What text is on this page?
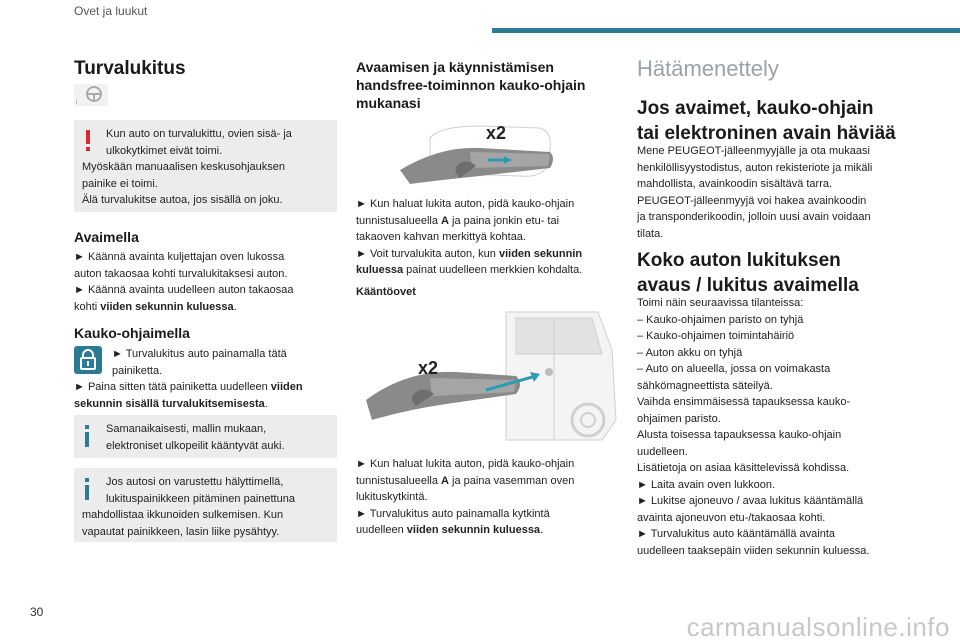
Ovet ja luukut
Turvalukitus
i
Kun auto on turvalukittu, ovien sisä- ja
ulkokytkimet eivät toimi.
Myöskään manuaalisen keskusohjauksen
painike ei toimi.
Älä turvalukitse autoa, jos sisällä on joku.
Avaimella
► Käännä avainta kuljettajan oven lukossa
auton takaosaa kohti turvalukitaksesi auton.
► Käännä avainta uudelleen auton takaosaa
kohti viiden sekunnin kuluessa.
Kauko-ohjaimella
► Turvalukitus auto painamalla tätä
painiketta.
► Paina sitten tätä painiketta uudelleen viiden
sekunnin sisällä turvalukitsemisesta.
Samanaikaisesti, mallin mukaan,
elektroniset ulkopeilit kääntyvät auki.
Jos autosi on varustettu hälyttimellä,
lukituspainikkeen pitäminen painettuna
mahdollistaa ikkunoiden sulkemisen. Kun
vapautat painikkeen, lasin liike pysähtyy.
Avaamisen ja käynnistämisen
handsfree-toiminnon kauko-ohjain
mukanasi
x2
► Kun haluat lukita auton, pidä kauko-ohjain
tunnistusalueella A ja paina jonkin etu- tai
takaoven kahvan merkittyä kohtaa.
► Voit turvalukita auton, kun viiden sekunnin
kuluessa painat uudelleen merkkien kohdalta.
Kääntöovet
x2
► Kun haluat lukita auton, pidä kauko-ohjain
tunnistusalueella A ja paina vasemman oven
lukituskytkintä.
► Turvalukitus auto painamalla kytkintä
uudelleen viiden sekunnin kuluessa.
Hätämenettely
Jos avaimet, kauko-ohjain
tai elektroninen avain häviää
Mene PEUGEOT-jälleenmyyjälle ja ota mukaasi
henkilöllisyystodistus, auton rekisteriote ja mikäli
mahdollista, avainkoodin sisältävä tarra.
PEUGEOT-jälleenmyyjä voi hakea avainkoodin
ja transponderikoodin, jolloin uusi avain voidaan
tilata.
Koko auton lukituksen
avaus / lukitus avaimella
Toimi näin seuraavissa tilanteissa:
– Kauko-ohjaimen paristo on tyhjä
– Kauko-ohjaimen toimintahäiriö
– Auton akku on tyhjä
– Auto on alueella, jossa on voimakasta
sähkömagneettista säteilyä.
Vaihda ensimmäisessä tapauksessa kauko-
ohjaimen paristo.
Alusta toisessa tapauksessa kauko-ohjain
uudelleen.
Lisätietoja on asiaa käsittelevissä kohdissa.
► Laita avain oven lukkoon.
► Lukitse ajoneuvo / avaa lukitus kääntämällä
avainta ajoneuvon etu-/takaosaa kohti.
► Turvalukitus auto kääntämällä avainta
uudelleen taaksepäin viiden sekunnin kuluessa.
30	carmanualsonline.info
